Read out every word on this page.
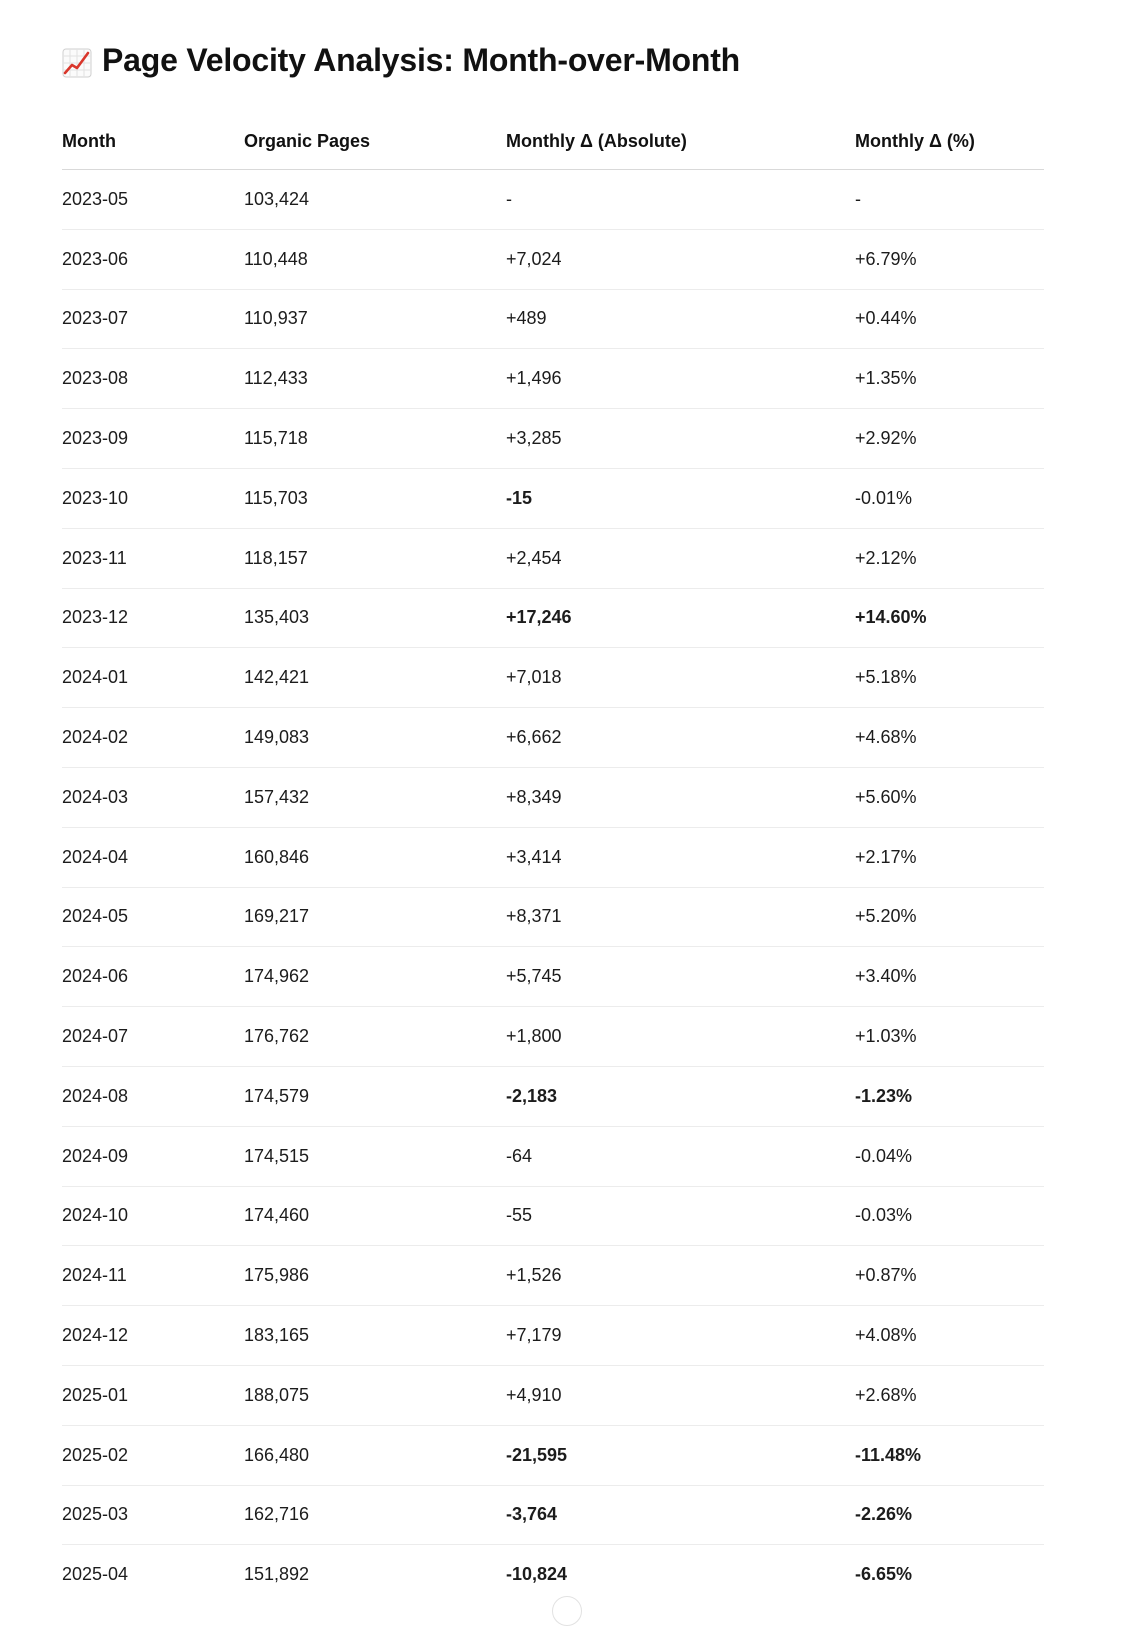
Page Velocity Analysis: Month-over-Month
Month	Organic Pages	Monthly Δ (Absolute)	Monthly Δ (%)
2023-05	103,424	-	-
2023-06	110,448	+7,024	+6.79%
2023-07	110,937	+489	+0.44%
2023-08	112,433	+1,496	+1.35%
2023-09	115,718	+3,285	+2.92%
2023-10	115,703	-15	-0.01%
2023-11	118,157	+2,454	+2.12%
2023-12	135,403	+17,246	+14.60%
2024-01	142,421	+7,018	+5.18%
2024-02	149,083	+6,662	+4.68%
2024-03	157,432	+8,349	+5.60%
2024-04	160,846	+3,414	+2.17%
2024-05	169,217	+8,371	+5.20%
2024-06	174,962	+5,745	+3.40%
2024-07	176,762	+1,800	+1.03%
2024-08	174,579	-2,183	-1.23%
2024-09	174,515	-64	-0.04%
2024-10	174,460	-55	-0.03%
2024-11	175,986	+1,526	+0.87%
2024-12	183,165	+7,179	+4.08%
2025-01	188,075	+4,910	+2.68%
2025-02	166,480	-21,595	-11.48%
2025-03	162,716	-3,764	-2.26%
2025-04	151,892	-10,824	-6.65%
